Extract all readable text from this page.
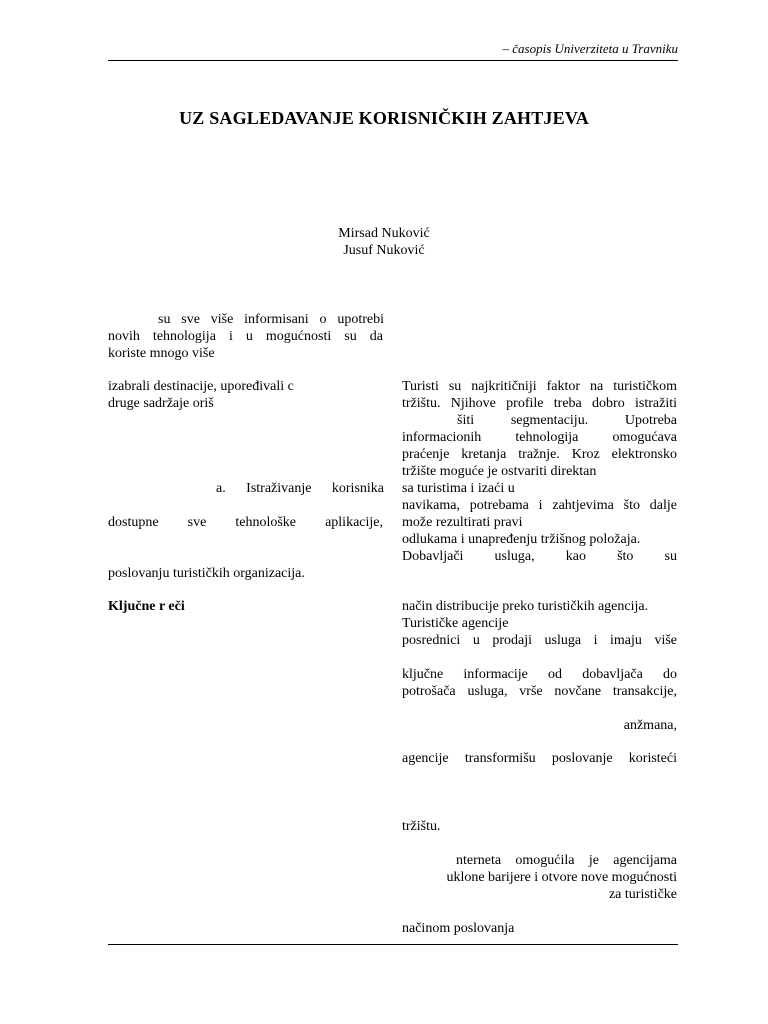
– časopis Univerziteta u Travniku
UZ SAGLEDAVANJE KORISNIČKIH ZAHTJEVA
Mirsad Nuković
Jusuf Nuković
su sve više informisani o upotrebi
novih tehnologija i u mogućnosti su da
koriste mnogo više
izabrali destinacije, upoređivali c
druge sadržaje oriš
a. Istraživanje korisnika
dostupne sve tehnološke aplikacije,
poslovanju turističkih organizacija.
Ključne r eči
Turisti su najkritičniji faktor na turističkom
tržištu. Njihove profile treba dobro istražiti
šiti segmentaciju. Upotreba
informacionih tehnologija omogućava
praćenje kretanja tražnje. Kroz elektronsko
tržište moguće je ostvariti direktan
sa turistima i izaći u
navikama, potrebama i zahtjevima što dalje
može rezultirati pravi
odlukama i unapređenju tržišnog položaja.
Dobavljači usluga, kao što su
način distribucije preko turističkih agencija.
Turističke agencije
posrednici u prodaji usluga i imaju više
ključne informacije od dobavljača do
potrošača usluga, vrše novčane transakcije,
anžmana,
agencije transformišu poslovanje koristeći
tržištu.
nterneta omogućila je agencijama
uklone barijere i otvore nove mogućnosti
za turističke
načinom poslovanja
